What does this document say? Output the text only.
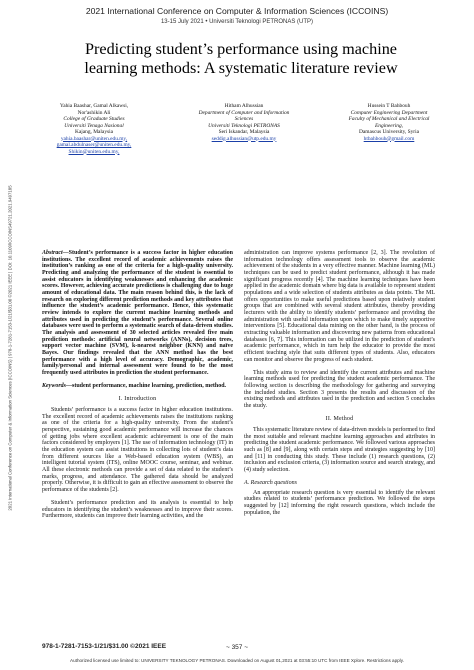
2021 International Conference on Computer & Information Sciences (ICCOINS)
13-15 July 2021 • Universiti Teknologi PETRONAS (UTP)
Predicting student’s performance using machine
learning methods: A systematic literature review
2021 International Conference on Computer & Information Sciences (ICCOINS) | 978-1-7281-7153-1/21/$31.00 ©2021 IEEE | DOI: 10.1109/ICCOINS49721.2021.9497185
Yahia Baashar, Gamal Alkawsi,
Nor'ashikin Ali
College of Graduate Studies
Universiti Tenaga Nasional
Kajang, Malaysia
yahia.baashar@uniten.edu.my,
gamal.abdulnaser@uniten.edu.my,
Shikin@uniten.edu.my,
Hitham Alhussian
Department of Computer and Information
Sciences
Universiti Teknologi PETRONAS
Seri Iskandar, Malaysia
seddig.alhussian@utp.edu.my
Hussein T Bahbouh
Computer Engineering Department
Faculty of Mechanical and Electrical
Engineering,
Damascus University, Syria
htbahbouh@gmail.com

Abstract—Student’s performance is a success factor in higher education institutions. The excellent record of academic achievements raises the institution’s ranking as one of the criteria for a high-quality university. Predicting and analyzing the performance of the student is essential to assist educators in identifying weaknesses and enhancing the academic scores. However, achieving accurate predictions is challenging due to huge amount of educational data. The main reason behind this, is the lack of research on exploring different prediction methods and key attributes that influence the student’s academic performance. Hence, this systematic review intends to explore the current machine learning methods and attributes used in predicting the student’s performance. Several online databases were used to perform a systematic search of data-driven studies. The analysis and assessment of 30 selected articles revealed five main prediction methods: artificial neural networks (ANNs), decision trees, support vector machine (SVM), k-nearest neighbor (KNN) and naïve Bayes. Our findings revealed that the ANN method has the best performance with a high level of accuracy. Demographic, academic, family/personal and internal assessment were found to be the most frequently used attributes in prediction the student performance.

Keywords—student performance, machine learning, prediction, method.

I. Introduction

Students’ performance is a success factor in higher education institutions. The excellent record of academic achievements raises the institutions ranking as one of the criteria for a high-quality university. From the student’s perspective, sustaining good academic performance will increase the chances of getting jobs where excellent academic achievement is one of the main factors considered by employers [1]. The use of information technology (IT) in the education system can assist institutions in collecting lots of student’s data from different sources like a Web-based education system (WBS), an intelligent tutorial system (ITS), online MOOC course, seminar, and webinar. All these electronic methods can provide a set of data related to the student’s marks, progress, and attendance. The gathered data should be analyzed properly. Otherwise, it is difficult to gain an effective assessment to observe the performance of the students [2].

Student’s performance prediction and its analysis is essential to help educators in identifying the student’s weaknesses and to improve their scores. Furthermore, students can improve their learning activities, and the

administration can improve systems performance [2, 3]. The revolution of information technology offers assessment tools to observe the academic achievement of the students in a very effective manner. Machine learning (ML) techniques can be used to predict student performance, although it has made significant progress recently [4]. The machine learning techniques have been applied in the academic domain where big data is available to represent student populations and a wide selection of students attributes as data points. The ML offers opportunities to make useful predictions based upon relatively student groups that are combined with several student attributes, thereby providing lecturers with the ability to identify students’ performance and providing the administration with useful information upon which to make timely supportive interventions [5]. Educational data mining on the other hand, is the process of extracting valuable information and discovering new patterns from educational databases [6, 7]. This information can be utilized in the prediction of student’s academic performance, which in turn help the educator to provide the most efficient teaching style that suits different types of students. Also, educators can monitor and observe the progress of each student.

This study aims to review and identify the current attributes and machine learning methods used for predicting the student academic performance. The following section is describing the methodology for gathering and surveying the included studies. Section 3 presents the results and discussion of the existing methods and attributes used in the prediction and section 5 concludes the study.

II. Method

This systematic literature review of data-driven models is performed to find the most suitable and relevant machine learning approaches and attributes in predicting the student academic performance. We followed various approaches such as [8] and [9], along with certain steps and strategies suggesting by [10] and [11] in conducting this study. These include (1) research questions, (2) inclusion and exclusion criteria, (3) information source and search strategy, and (4) study selection.

A. Research questions

An appropriate research question is very essential to identify the relevant studies related to students’ performance prediction. We followed the steps suggested by [12] informing the right research questions, which include the population, the

978-1-7281-7153-1/21/$31.00 ©2021 IEEE	~ 357 ~
Authorized licensed use limited to: UNIVERSITY TEKNOLOGY PETRONAS. Downloaded on August 01,2021 at 03:55:10 UTC from IEEE Xplore. Restrictions apply.
